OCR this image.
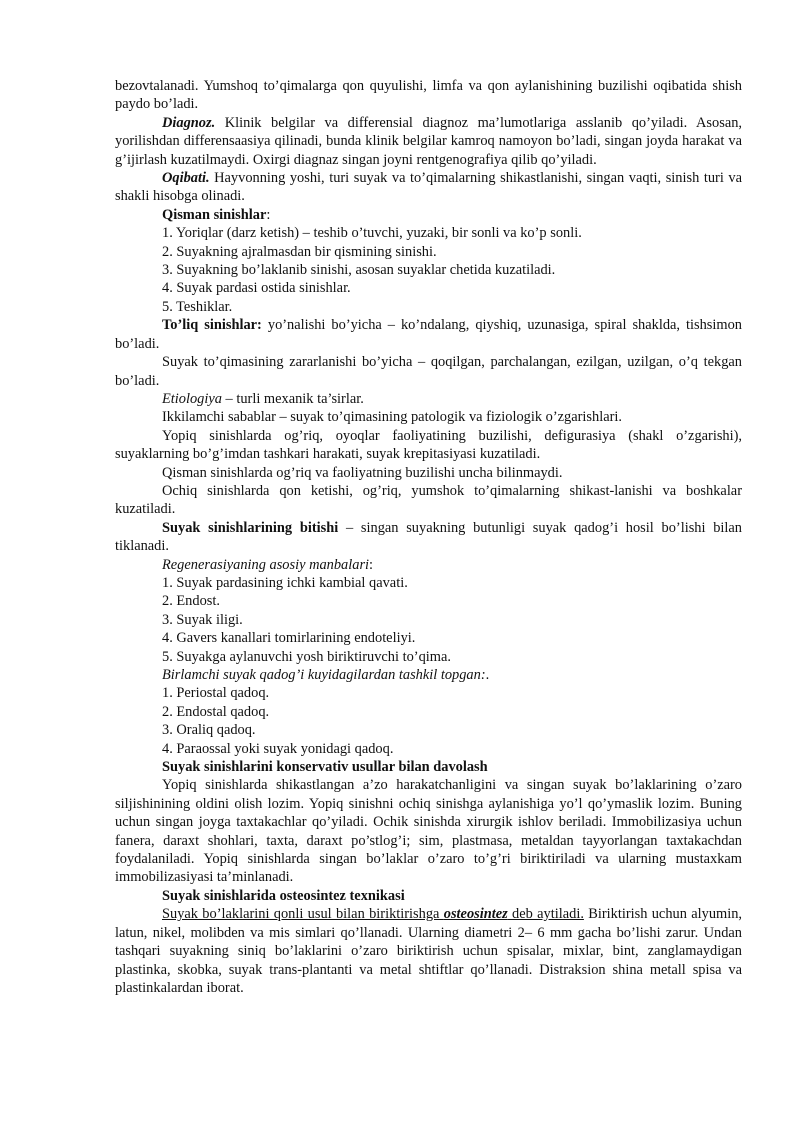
bezovtalanadi. Yumshoq to’qimalarga qon quyulishi, limfa va qon aylanishining buzilishi oqibatida shish paydo bo’ladi.

Diagnoz. Klinik belgilar va differensial diagnoz ma’lumotlariga asslanib qo’yiladi. Asosan, yorilishdan differensaasiya qilinadi, bunda klinik belgilar kamroq namoyon bo’ladi, singan joyda harakat va g’ijirlash kuzatilmaydi. Oxirgi diagnaz singan joyni rentgenografiya qilib qo’yiladi.

Oqibati. Hayvonning yoshi, turi suyak va to’qimalarning shikastlanishi, singan vaqti, sinish turi va shakli hisobga olinadi.

Qisman sinishlar:

1. Yoriqlar (darz ketish) – teshib o’tuvchi, yuzaki, bir sonli va ko’p sonli.

2. Suyakning ajralmasdan bir qismining sinishi.

3. Suyakning bo’laklanib sinishi, asosan suyaklar chetida kuzatiladi.

4. Suyak pardasi ostida sinishlar.

5. Teshiklar.

To’liq sinishlar: yo’nalishi bo’yicha – ko’ndalang, qiyshiq, uzunasiga, spiral shaklda, tishsimon bo’ladi.

Suyak to’qimasining zararlanishi bo’yicha – qoqilgan, parchalangan, ezilgan, uzilgan, o’q tekgan bo’ladi.

Etiologiya – turli mexanik ta’sirlar.

Ikkilamchi sabablar – suyak to’qimasining patologik va fiziologik o’zgarishlari.

Yopiq sinishlarda og’riq, oyoqlar faoliyatining buzilishi, defigurasiya (shakl o’zgarishi), suyaklarning bo’g’imdan tashkari harakati, suyak krepitasiyasi kuzatiladi.

Qisman sinishlarda og’riq va faoliyatning buzilishi uncha bilinmaydi.

Ochiq sinishlarda qon ketishi, og’riq, yumshok to’qimalarning shikast-lanishi va boshkalar kuzatiladi.

Suyak sinishlarining bitishi – singan suyakning butunligi suyak qadog’i hosil bo’lishi bilan tiklanadi.

Regenerasiyaning asosiy manbalari:

1. Suyak pardasining ichki kambial qavati.

2. Endost.

3. Suyak iligi.

4. Gavers kanallari tomirlarining endoteliyi.

5. Suyakga aylanuvchi yosh biriktiruvchi to’qima.

Birlamchi suyak qadog’i kuyidagilardan tashkil topgan:.

1. Periostal qadoq.

2. Endostal qadoq.

3. Oraliq qadoq.

4. Paraossal yoki suyak yonidagi qadoq.

Suyak sinishlarini konservativ usullar bilan davolash

Yopiq sinishlarda shikastlangan a’zo harakatchanligini va singan suyak bo’laklarining o’zaro siljishinining oldini olish lozim. Yopiq sinishni ochiq sinishga aylanishiga yo’l qo’ymaslik lozim. Buning uchun singan joyga taxtakachlar qo’yiladi. Ochik sinishda xirurgik ishlov beriladi. Immobilizasiya uchun fanera, daraxt shohlari, taxta, daraxt po’stlog’i; sim, plastmasa, metaldan tayyorlangan taxtakachdan foydalaniladi. Yopiq sinishlarda singan bo’laklar o’zaro to’g’ri biriktiriladi va ularning mustaxkam immobilizasiyasi ta’minlanadi.

Suyak sinishlarida osteosintez texnikasi

Suyak bo’laklarini qonli usul bilan biriktirishga osteosintez deb aytiladi. Biriktirish uchun alyumin, latun, nikel, molibden va mis simlari qo’llanadi. Ularning diametri 2– 6 mm gacha bo’lishi zarur. Undan tashqari suyakning siniq bo’laklarini o’zaro biriktirish uchun spisalar, mixlar, bint, zanglamaydigan plastinka, skobka, suyak trans-plantanti va metal shtiftlar qo’llanadi. Distraksion shina metall spisa va plastinkalardan iborat.
